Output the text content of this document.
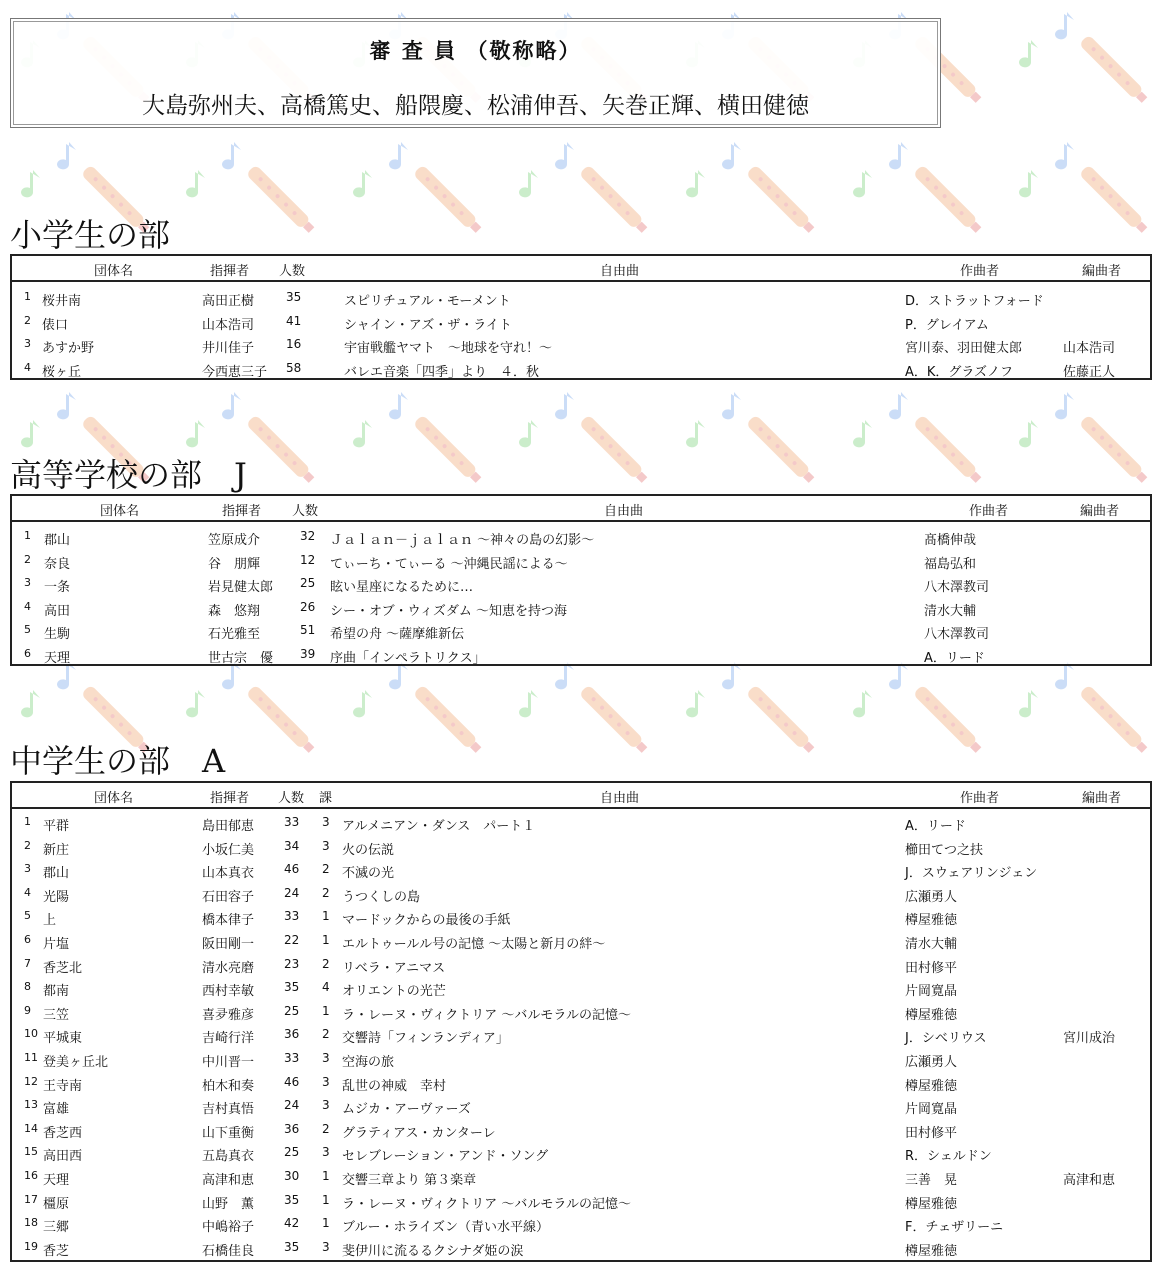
審 査 員 （敬称略）
大島弥州夫、高橋篤史、船隈慶、松浦伸吾、矢巻正輝、横田健徳
小学生の部
団体名	指揮者 人数	自由曲	作曲者	編曲者
1 桜井南	高田正樹	35	スピリチュアル・モーメント	D．ストラットフォード
2 俵口	山本浩司	41	シャイン・アズ・ザ・ライト	P．グレイアム
3 あすか野	井川佳子	16	宇宙戦艦ヤマト　～地球を守れ！～	宮川泰、羽田健太郎	山本浩司
4 桜ヶ丘	今西恵三子 58	バレエ音楽「四季」より　４．秋	A．K．グラズノフ	佐藤正人
高等学校の部　J
団体名	指揮者 人数	自由曲	作曲者	編曲者
1 郡山	笠原成介	32 Ｊａｌａｎ－ｊａｌａｎ ～神々の島の幻影～	髙橋伸哉
2 奈良	谷　朋輝	12 てぃーち・てぃーる ～沖縄民謡による～	福島弘和
3 一条	岩見健太郎 25 眩い星座になるために…	八木澤教司
4 高田	森　悠翔	26 シー・オブ・ウィズダム ～知恵を持つ海	清水大輔
5 生駒	石光雅至	51 希望の舟 ～薩摩維新伝	八木澤教司
6 天理	世古宗　優 39 序曲「インペラトリクス」	A．リード
中学生の部　A
団体名	指揮者 人数 課	自由曲	作曲者	編曲者
1 平群	島田郁恵 33 3 アルメニアン・ダンス　パート１	A．リード
2 新庄	小坂仁美 34 3 火の伝説	櫛田てつ之扶
3 郡山	山本真衣 46 2 不滅の光	J．スウェアリンジェン
4 光陽	石田容子 24 2 うつくしの島	広瀬勇人
5 上	橋本律子 33 1 マードックからの最後の手紙	樽屋雅徳
6 片塩	阪田剛一 22 1 エルトゥールル号の記憶 ～太陽と新月の絆～	清水大輔
7 香芝北	清水亮磨 23 2 リベラ・アニマス	田村修平
8 都南	西村幸敏 35 4 オリエントの光芒	片岡寛晶
9 三笠	喜夛雅彦 25 1 ラ・レーヌ・ヴィクトリア ～バルモラルの記憶～	樽屋雅徳
10 平城東	吉崎行洋 36 2 交響詩「フィンランディア」	J．シベリウス	宮川成治
11 登美ヶ丘北	中川晋一 33 3 空海の旅	広瀬勇人
12 王寺南	柏木和奏 46 3 乱世の神威　幸村	樽屋雅徳
13 富雄	吉村真悟 24 3 ムジカ・アーヴァーズ	片岡寛晶
14 香芝西	山下重衡 36 2 グラティアス・カンターレ	田村修平
15 高田西	五島真衣 25 3 セレブレーション・アンド・ソング	R．シェルドン
16 天理	高津和恵 30 1 交響三章より 第３楽章	三善　晃	高津和恵
17 橿原	山野　薫 35 1 ラ・レーヌ・ヴィクトリア ～バルモラルの記憶～	樽屋雅徳
18 三郷	中嶋裕子 42 1 ブルー・ホライズン（青い水平線）	F．チェザリーニ
19 香芝	石橋佳良 35 3 斐伊川に流るるクシナダ姫の涙	樽屋雅徳
